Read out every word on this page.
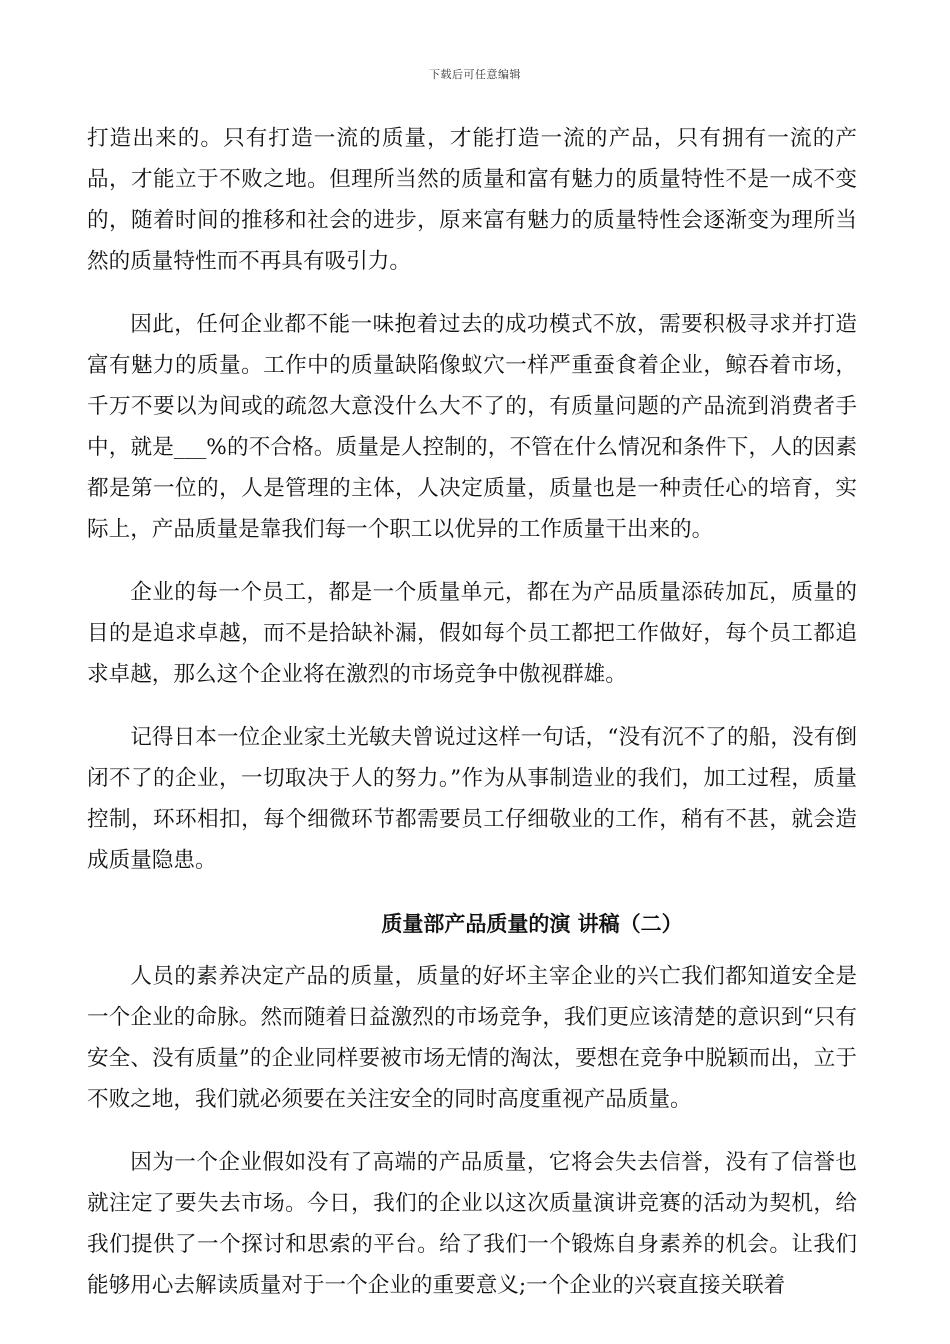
下载后可任意编辑

打造出来的。只有打造一流的质量，才能打造一流的产品，只有拥有一流的产品，才能立于不败之地。但理所当然的质量和富有魅力的质量特性不是一成不变的，随着时间的推移和社会的进步，原来富有魅力的质量特性会逐渐变为理所当然的质量特性而不再具有吸引力。

因此，任何企业都不能一味抱着过去的成功模式不放，需要积极寻求并打造富有魅力的质量。工作中的质量缺陷像蚁穴一样严重蚕食着企业，鲸吞着市场，千万不要以为间或的疏忽大意没什么大不了的，有质量问题的产品流到消费者手中，就是___%的不合格。质量是人控制的，不管在什么情况和条件下，人的因素都是第一位的，人是管理的主体，人决定质量，质量也是一种责任心的培育，实际上，产品质量是靠我们每一个职工以优异的工作质量干出来的。

企业的每一个员工，都是一个质量单元，都在为产品质量添砖加瓦，质量的目的是追求卓越，而不是拾缺补漏，假如每个员工都把工作做好，每个员工都追求卓越，那么这个企业将在激烈的市场竞争中傲视群雄。

记得日本一位企业家土光敏夫曾说过这样一句话，“没有沉不了的船，没有倒闭不了的企业，一切取决于人的努力。”作为从事制造业的我们，加工过程，质量控制，环环相扣，每个细微环节都需要员工仔细敬业的工作，稍有不甚，就会造成质量隐患。

质量部产品质量的演 讲稿（二）

人员的素养决定产品的质量，质量的好坏主宰企业的兴亡我们都知道安全是一个企业的命脉。然而随着日益激烈的市场竞争，我们更应该清楚的意识到“只有安全、没有质量”的企业同样要被市场无情的淘汰，要想在竞争中脱颖而出，立于不败之地，我们就必须要在关注安全的同时高度重视产品质量。

因为一个企业假如没有了高端的产品质量，它将会失去信誉，没有了信誉也就注定了要失去市场。今日，我们的企业以这次质量演讲竞赛的活动为契机，给我们提供了一个探讨和思索的平台。给了我们一个锻炼自身素养的机会。让我们能够用心去解读质量对于一个企业的重要意义;一个企业的兴衰直接关联着
